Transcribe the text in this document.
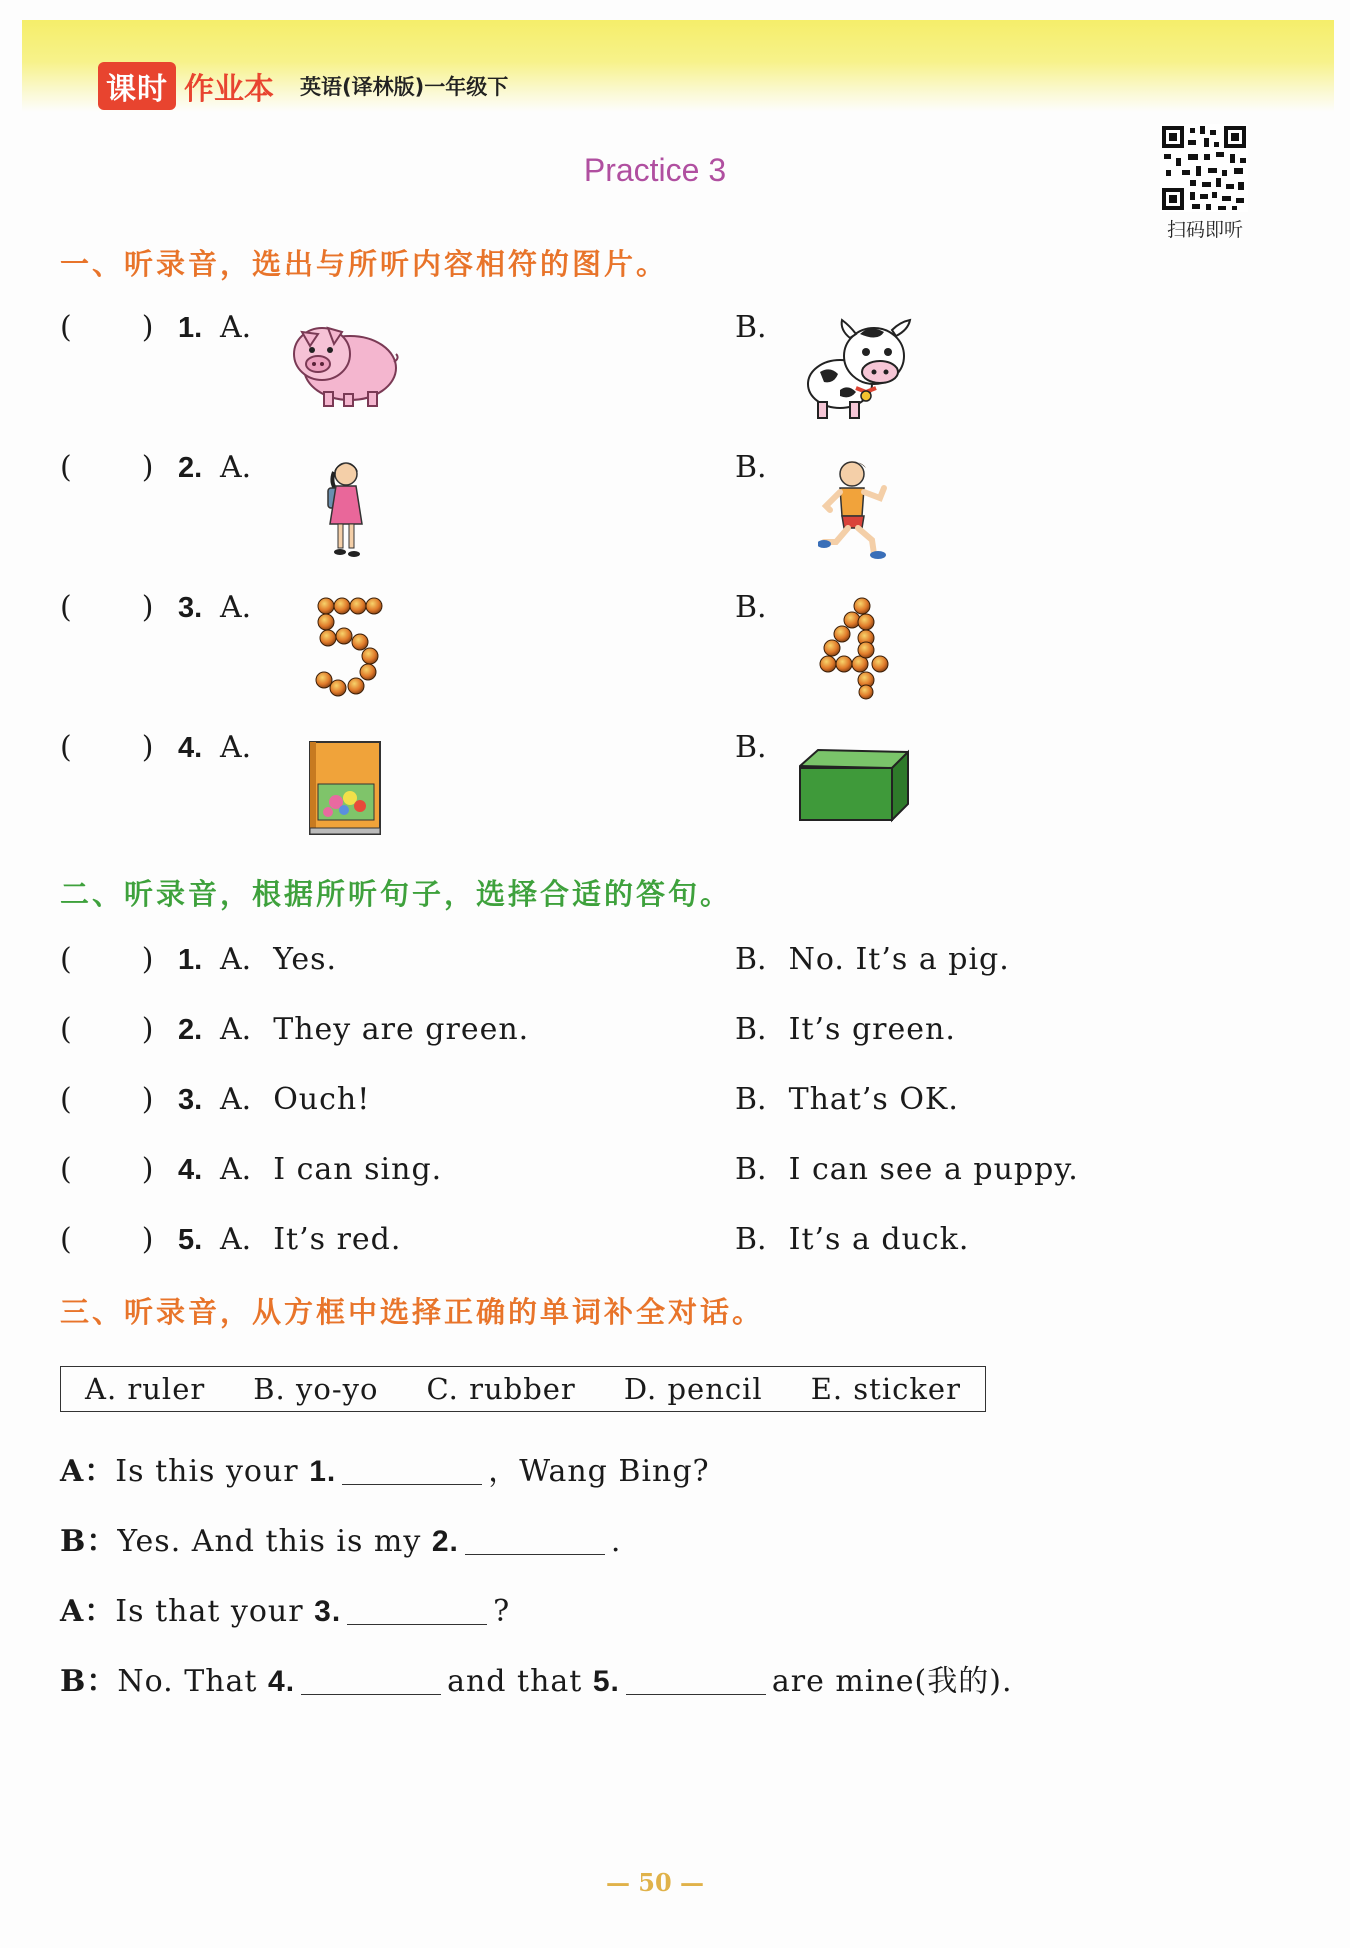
课时 作业本 英语(译林版)一年级下
扫码即听
Practice 3
一、听录音，选出与所听内容相符的图片。
( ) 1. A.	B.
( ) 2. A.	B.
( ) 3. A.	B.
( ) 4. A.	B.
二、听录音，根据所听句子，选择合适的答句。
( ) 1. A. Yes.	B. No. It’s a pig.
( ) 2. A. They are green.	B. It’s green.
( ) 3. A. Ouch!	B. That’s OK.
( ) 4. A. I can sing.	B. I can see a puppy.
( ) 5. A. It’s red.	B. It’s a duck.
三、听录音，从方框中选择正确的单词补全对话。
A. ruler B. yo-yo C. rubber D. pencil E. sticker
A：Is this your 1.	，Wang Bing?
B：Yes. And this is my 2.	.
A：Is that your 3.	?
B：No. That 4.	and that 5.	are mine(我的).
— 50 —
